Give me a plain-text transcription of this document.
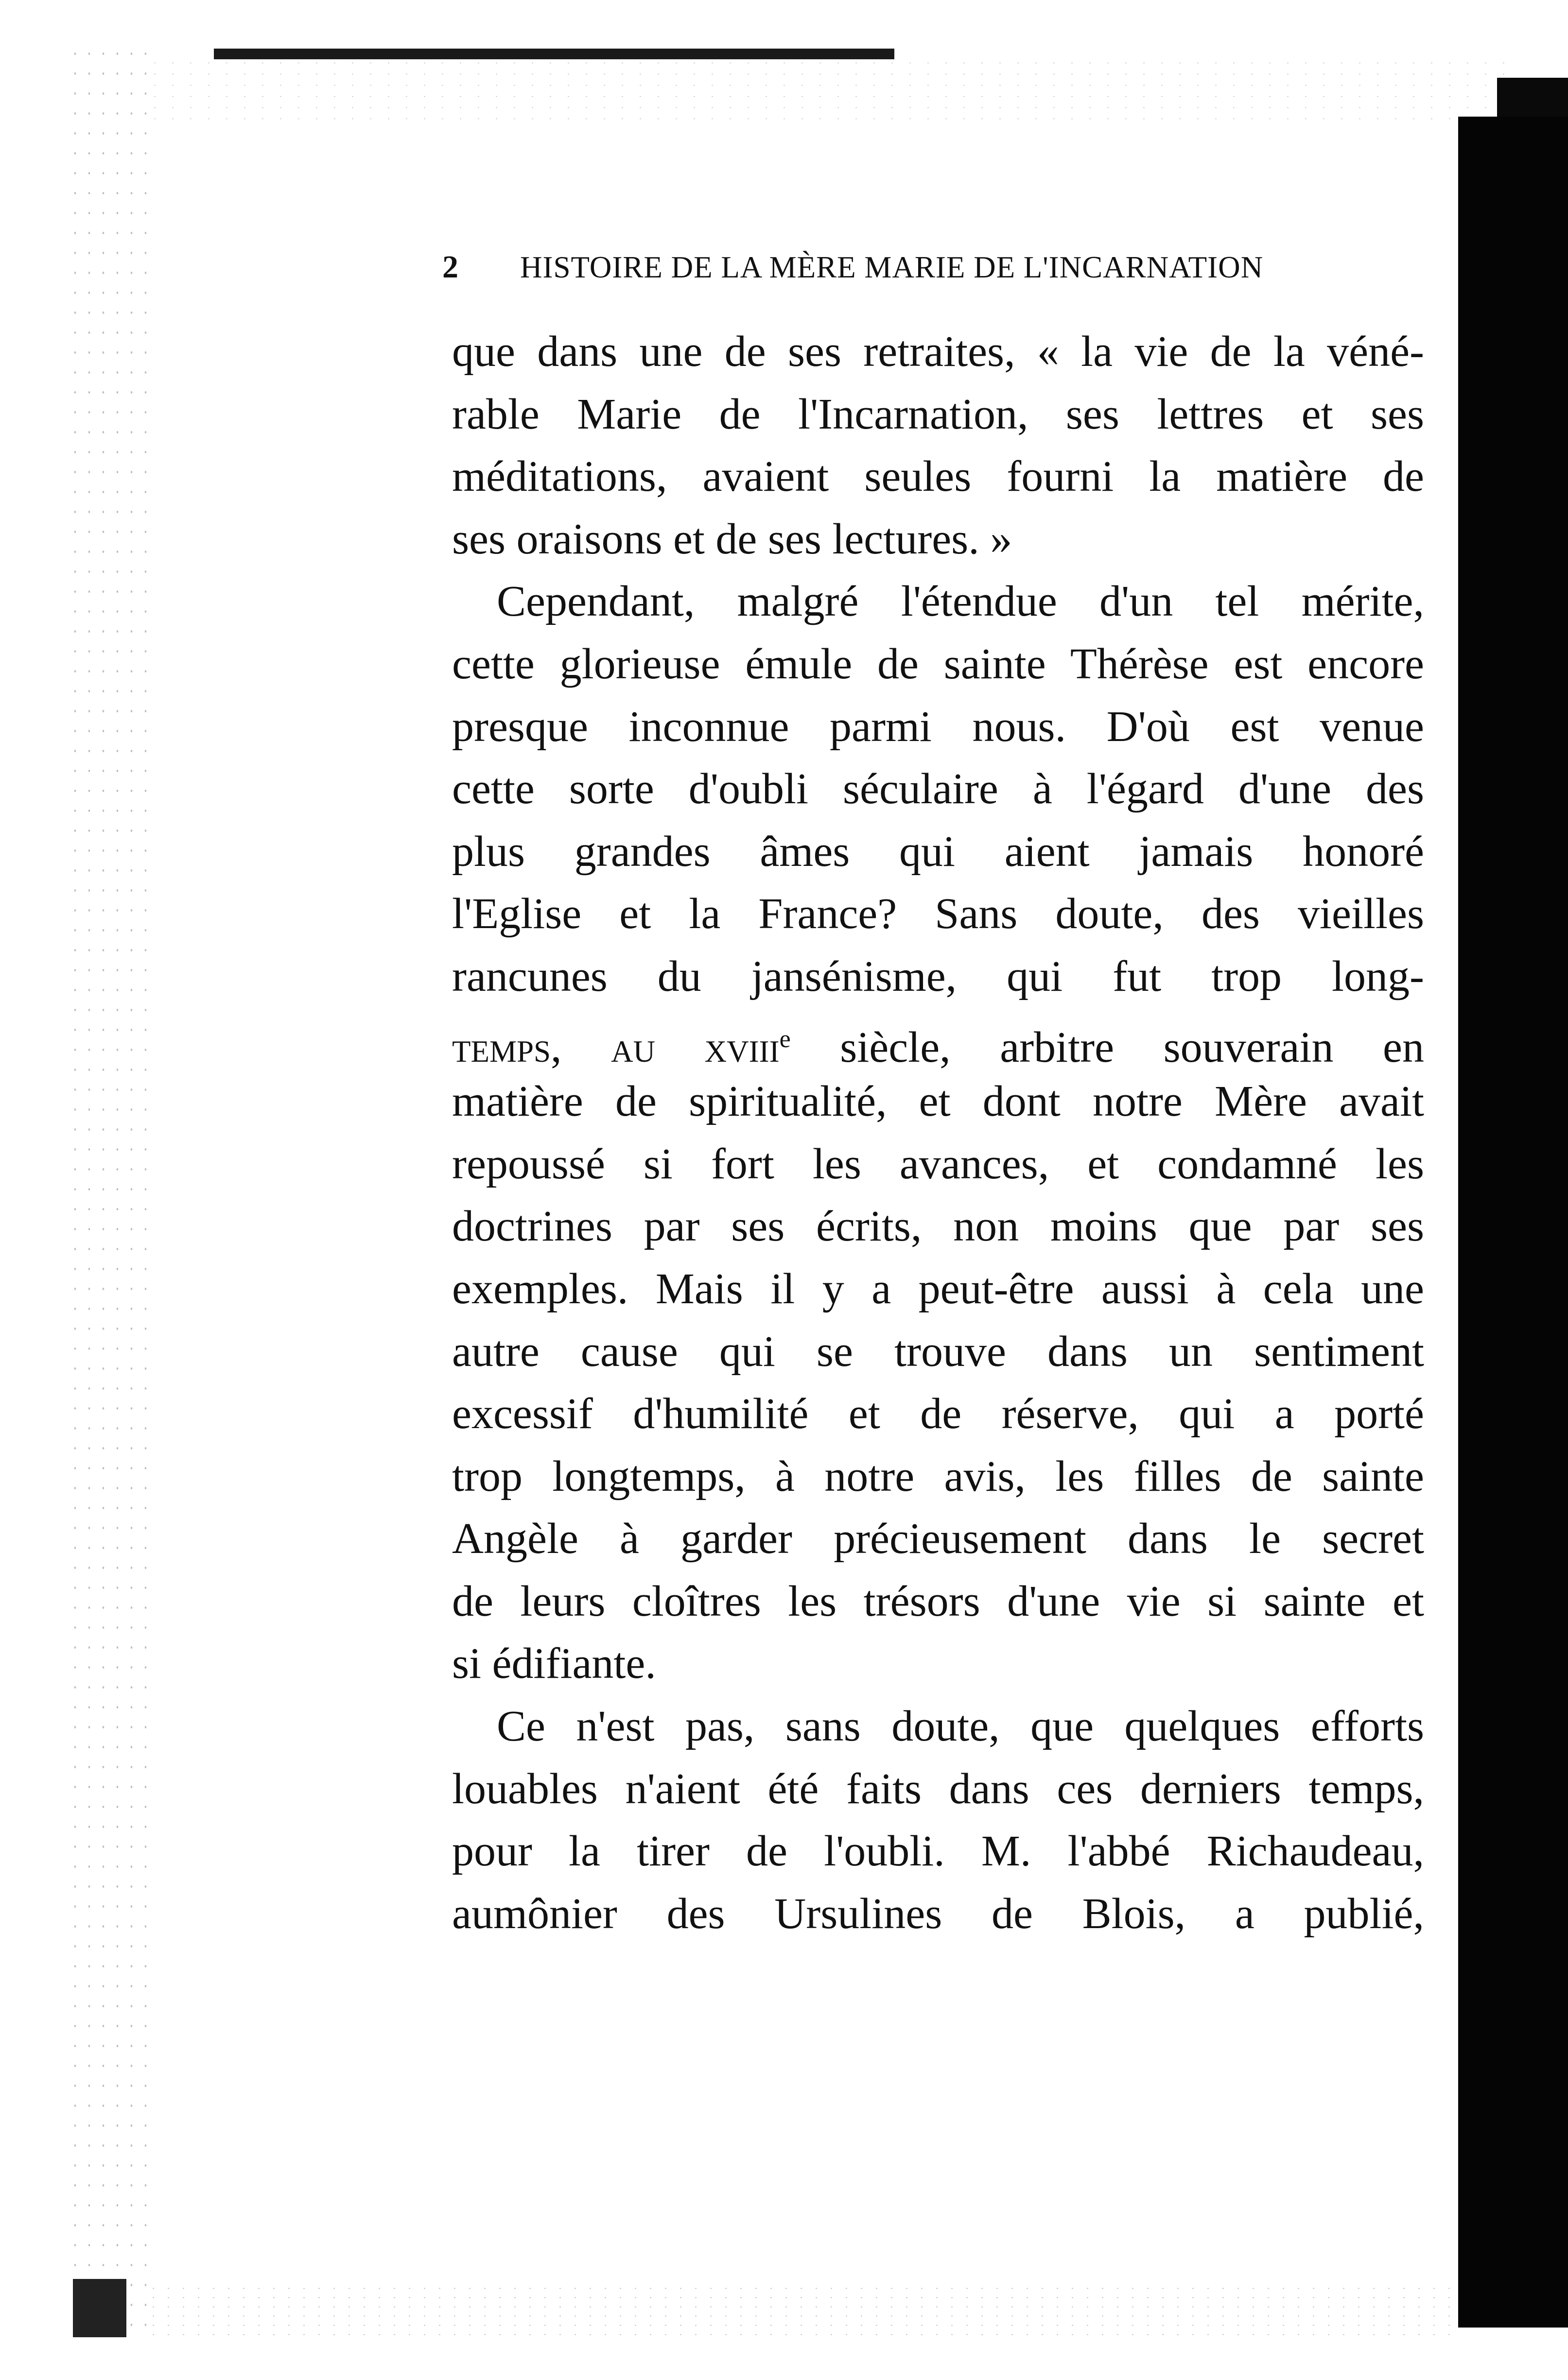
2 HISTOIRE DE LA MÈRE MARIE DE L'INCARNATION
que dans une de ses retraites, « la vie de la véné-
rable Marie de l'Incarnation, ses lettres et ses
méditations, avaient seules fourni la matière de
ses oraisons et de ses lectures. »
Cependant, malgré l'étendue d'un tel mérite,
cette glorieuse émule de sainte Thérèse est encore
presque inconnue parmi nous. D'où est venue
cette sorte d'oubli séculaire à l'égard d'une des
plus grandes âmes qui aient jamais honoré
l'Eglise et la France? Sans doute, des vieilles
rancunes du jansénisme, qui fut trop long-
temps, au xviii$^e$ siècle, arbitre souverain en
matière de spiritualité, et dont notre Mère avait
repoussé si fort les avances, et condamné les
doctrines par ses écrits, non moins que par ses
exemples. Mais il y a peut-être aussi à cela une
autre cause qui se trouve dans un sentiment
excessif d'humilité et de réserve, qui a porté
trop longtemps, à notre avis, les filles de sainte
Angèle à garder précieusement dans le secret
de leurs cloîtres les trésors d'une vie si sainte et
si édifiante.
Ce n'est pas, sans doute, que quelques efforts
louables n'aient été faits dans ces derniers temps,
pour la tirer de l'oubli. M. l'abbé Richaudeau,
aumônier des Ursulines de Blois, a publié,
